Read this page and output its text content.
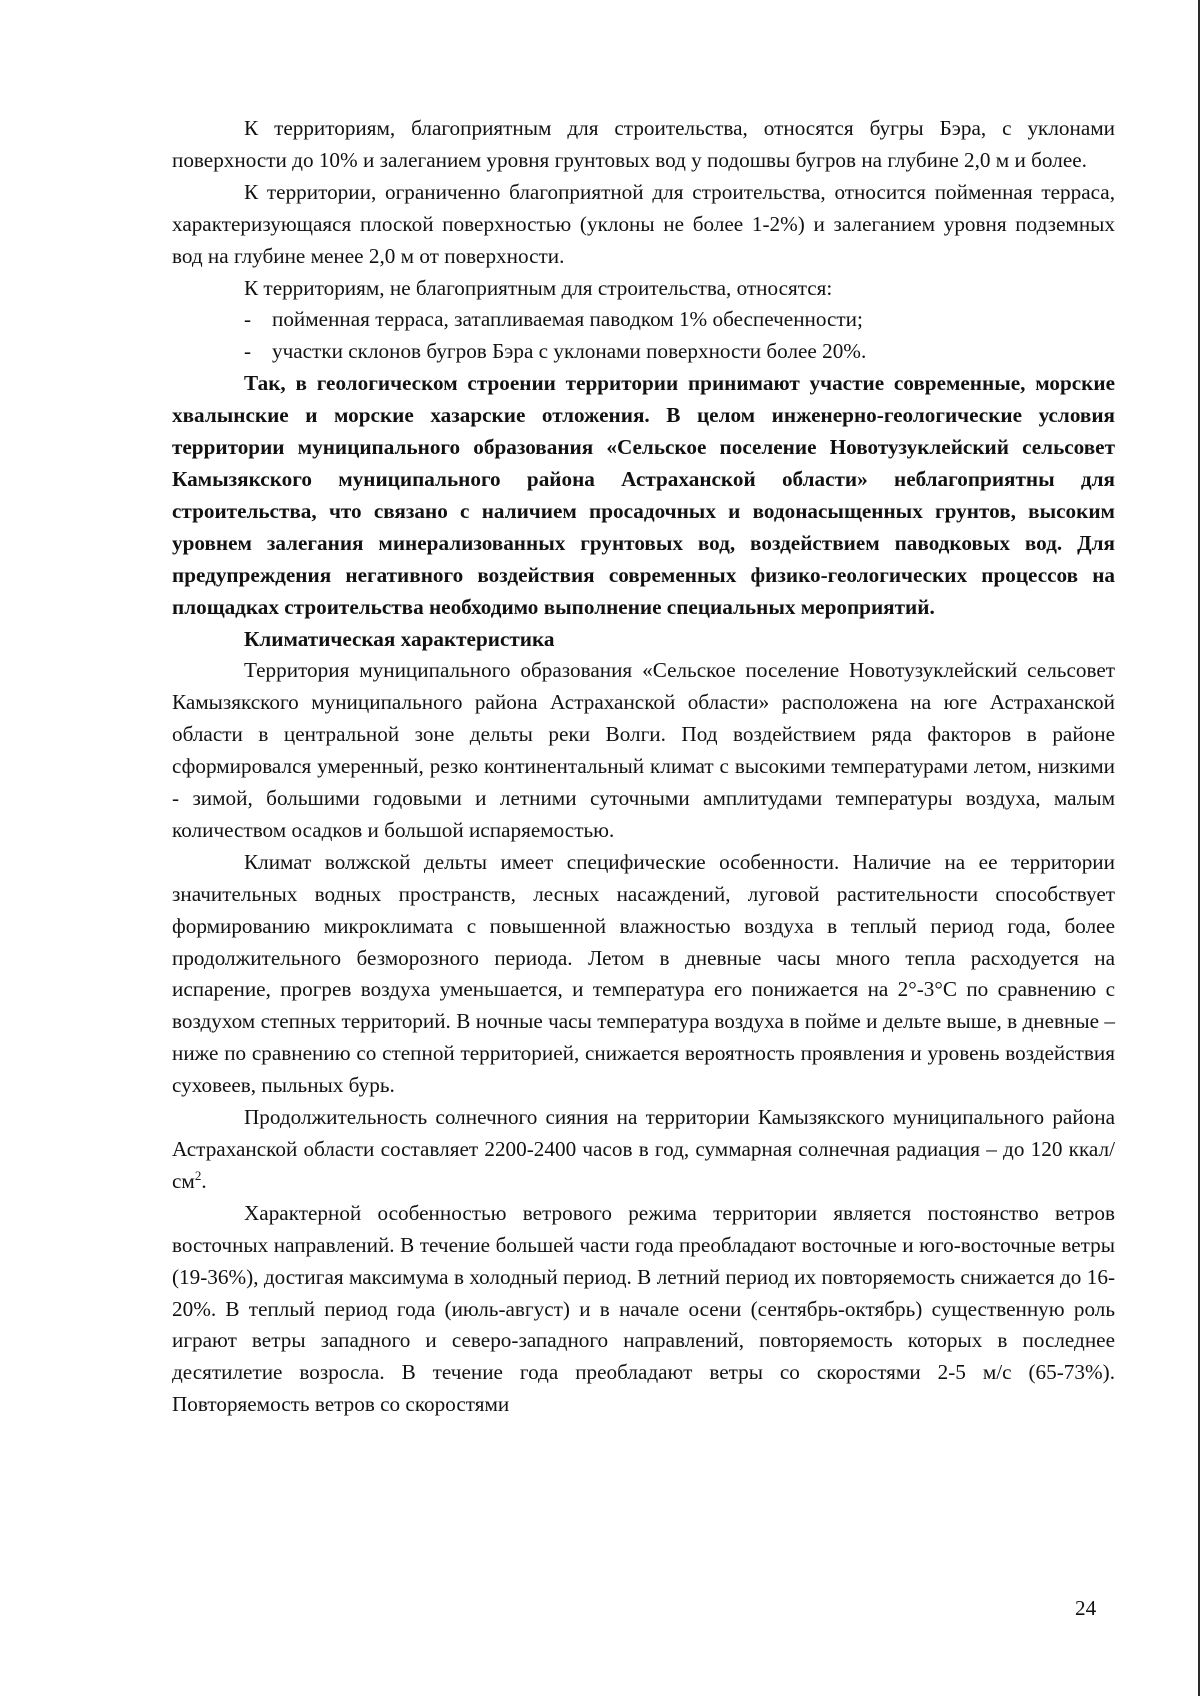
К территориям, благоприятным для строительства, относятся бугры Бэра, с уклонами поверхности до 10% и залеганием уровня грунтовых вод у подошвы бугров на глубине 2,0 м и более.

К территории, ограниченно благоприятной для строительства, относится пойменная терраса, характеризующаяся плоской поверхностью (уклоны не более 1-2%) и залеганием уровня подземных вод на глубине менее 2,0 м от поверхности.

К территориям, не благоприятным для строительства, относятся:

- пойменная терраса, затапливаемая паводком 1% обеспеченности;
- участки склонов бугров Бэра с уклонами поверхности более 20%.

Так, в геологическом строении территории принимают участие современные, морские хвалынские и морские хазарские отложения. В целом инженерно-геологические условия территории муниципального образования «Сельское поселение Новотузуклейский сельсовет Камызякского муниципального района Астраханской области» неблагоприятны для строительства, что связано с наличием просадочных и водонасыщенных грунтов, высоким уровнем залегания минерализованных грунтовых вод, воздействием паводковых вод. Для предупреждения негативного воздействия современных физико-геологических процессов на площадках строительства необходимо выполнение специальных мероприятий.

Климатическая характеристика

Территория муниципального образования «Сельское поселение Новотузуклейский сельсовет Камызякского муниципального района Астраханской области» расположена на юге Астраханской области в центральной зоне дельты реки Волги. Под воздействием ряда факторов в районе сформировался умеренный, резко континентальный климат с высокими температурами летом, низкими - зимой, большими годовыми и летними суточными амплитудами температуры воздуха, малым количеством осадков и большой испаряемостью.

Климат волжской дельты имеет специфические особенности. Наличие на ее территории значительных водных пространств, лесных насаждений, луговой растительности способствует формированию микроклимата с повышенной влажностью воздуха в теплый период года, более продолжительного безморозного периода. Летом в дневные часы много тепла расходуется на испарение, прогрев воздуха уменьшается, и температура его понижается на 2°-3°С по сравнению с воздухом степных территорий. В ночные часы температура воздуха в пойме и дельте выше, в дневные – ниже по сравнению со степной территорией, снижается вероятность проявления и уровень воздействия суховеев, пыльных бурь.

Продолжительность солнечного сияния на территории Камызякского муниципального района Астраханской области составляет 2200-2400 часов в год, суммарная солнечная радиация – до 120 ккал/$см^2$.

Характерной особенностью ветрового режима территории является постоянство ветров восточных направлений. В течение большей части года преобладают восточные и юго-восточные ветры (19-36%), достигая максимума в холодный период. В летний период их повторяемость снижается до 16-20%. В теплый период года (июль-август) и в начале осени (сентябрь-октябрь) существенную роль играют ветры западного и северо-западного направлений, повторяемость которых в последнее десятилетие возросла. В течение года преобладают ветры со скоростями 2-5 м/с (65-73%). Повторяемость ветров со скоростями

24
